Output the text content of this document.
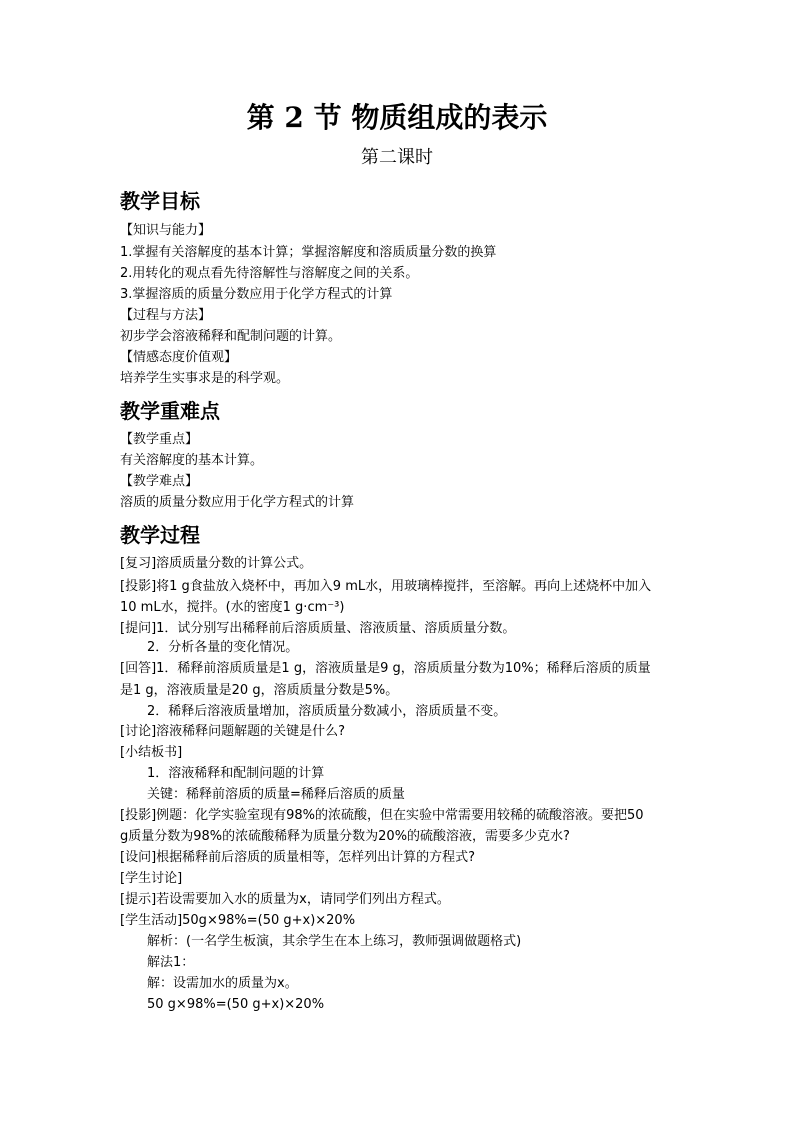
第 2 节 物质组成的表示
第二课时
教学目标
【知识与能力】
1.掌握有关溶解度的基本计算；掌握溶解度和溶质质量分数的换算
2.用转化的观点看先待溶解性与溶解度之间的关系。
3.掌握溶质的质量分数应用于化学方程式的计算
【过程与方法】
初步学会溶液稀释和配制问题的计算。
【情感态度价值观】
培养学生实事求是的科学观。
教学重难点
【教学重点】
有关溶解度的基本计算。
【教学难点】
溶质的质量分数应用于化学方程式的计算
教学过程
[复习]溶质质量分数的计算公式。
[投影]将1 g食盐放入烧杯中，再加入9 mL水，用玻璃棒搅拌，至溶解。再向上述烧杯中加入
10 mL水，搅拌。(水的密度1 g·cm⁻³)
[提问]1．试分别写出稀释前后溶质质量、溶液质量、溶质质量分数。
2．分析各量的变化情况。
[回答]1．稀释前溶质质量是1 g，溶液质量是9 g，溶质质量分数为10%；稀释后溶质的质量
是1 g，溶液质量是20 g，溶质质量分数是5%。
2．稀释后溶液质量增加，溶质质量分数减小，溶质质量不变。
[讨论]溶液稀释问题解题的关键是什么?
[小结板书]
1．溶液稀释和配制问题的计算
关键：稀释前溶质的质量=稀释后溶质的质量
[投影]例题：化学实验室现有98%的浓硫酸，但在实验中常需要用较稀的硫酸溶液。要把50
g质量分数为98%的浓硫酸稀释为质量分数为20%的硫酸溶液，需要多少克水?
[设问]根据稀释前后溶质的质量相等，怎样列出计算的方程式?
[学生讨论]
[提示]若设需要加入水的质量为x，请同学们列出方程式。
[学生活动]50g×98%=(50 g+x)×20%
解析：(一名学生板演，其余学生在本上练习，教师强调做题格式)
解法1：
解：设需加水的质量为x。
50 g×98%=(50 g+x)×20%
